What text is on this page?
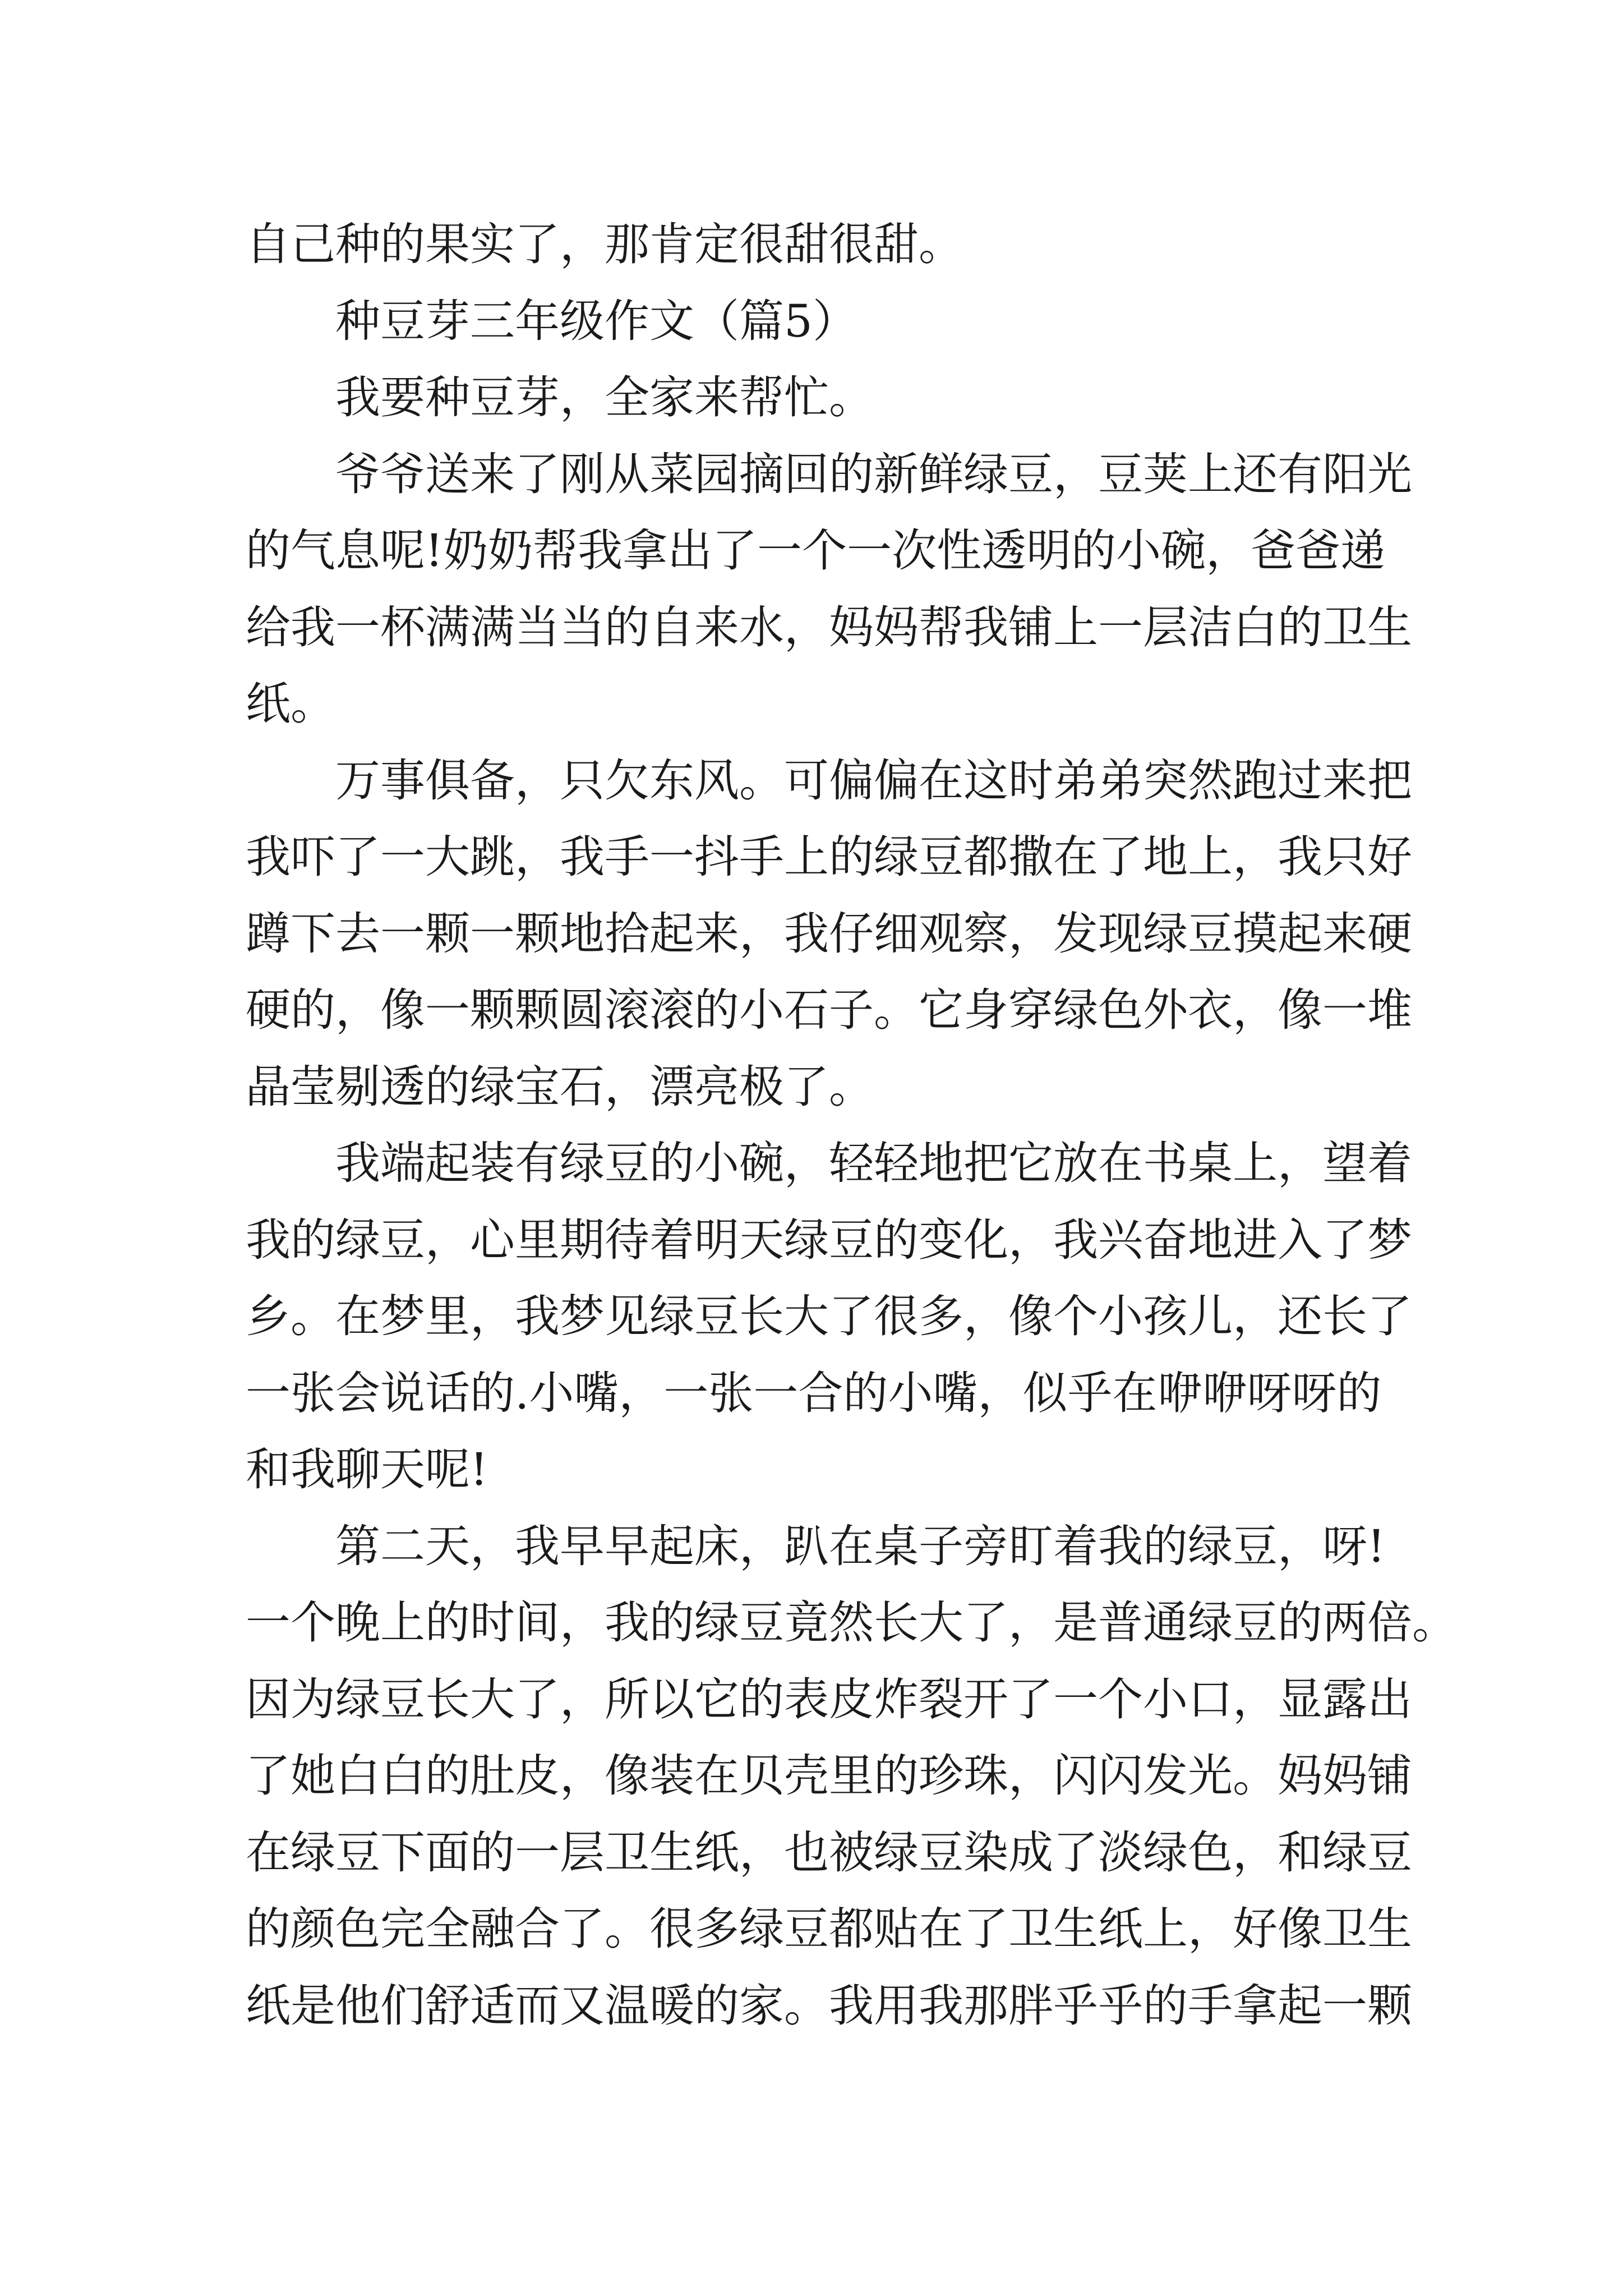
自己种的果实了，那肯定很甜很甜。
种豆芽三年级作文（篇5）
我要种豆芽，全家来帮忙。
爷爷送来了刚从菜园摘回的新鲜绿豆，豆荚上还有阳光
的气息呢!奶奶帮我拿出了一个一次性透明的小碗，爸爸递
给我一杯满满当当的自来水，妈妈帮我铺上一层洁白的卫生
纸。
万事俱备，只欠东风。可偏偏在这时弟弟突然跑过来把
我吓了一大跳，我手一抖手上的绿豆都撒在了地上，我只好
蹲下去一颗一颗地拾起来，我仔细观察，发现绿豆摸起来硬
硬的，像一颗颗圆滚滚的小石子。它身穿绿色外衣，像一堆
晶莹剔透的绿宝石，漂亮极了。
我端起装有绿豆的小碗，轻轻地把它放在书桌上，望着
我的绿豆，心里期待着明天绿豆的变化，我兴奋地进入了梦
乡。在梦里，我梦见绿豆长大了很多，像个小孩儿，还长了
一张会说话的.小嘴，一张一合的小嘴，似乎在咿咿呀呀的
和我聊天呢!
第二天，我早早起床，趴在桌子旁盯着我的绿豆，呀!
一个晚上的时间，我的绿豆竟然长大了，是普通绿豆的两倍。
因为绿豆长大了，所以它的表皮炸裂开了一个小口，显露出
了她白白的肚皮，像装在贝壳里的珍珠，闪闪发光。妈妈铺
在绿豆下面的一层卫生纸，也被绿豆染成了淡绿色，和绿豆
的颜色完全融合了。很多绿豆都贴在了卫生纸上，好像卫生
纸是他们舒适而又温暖的家。我用我那胖乎乎的手拿起一颗
